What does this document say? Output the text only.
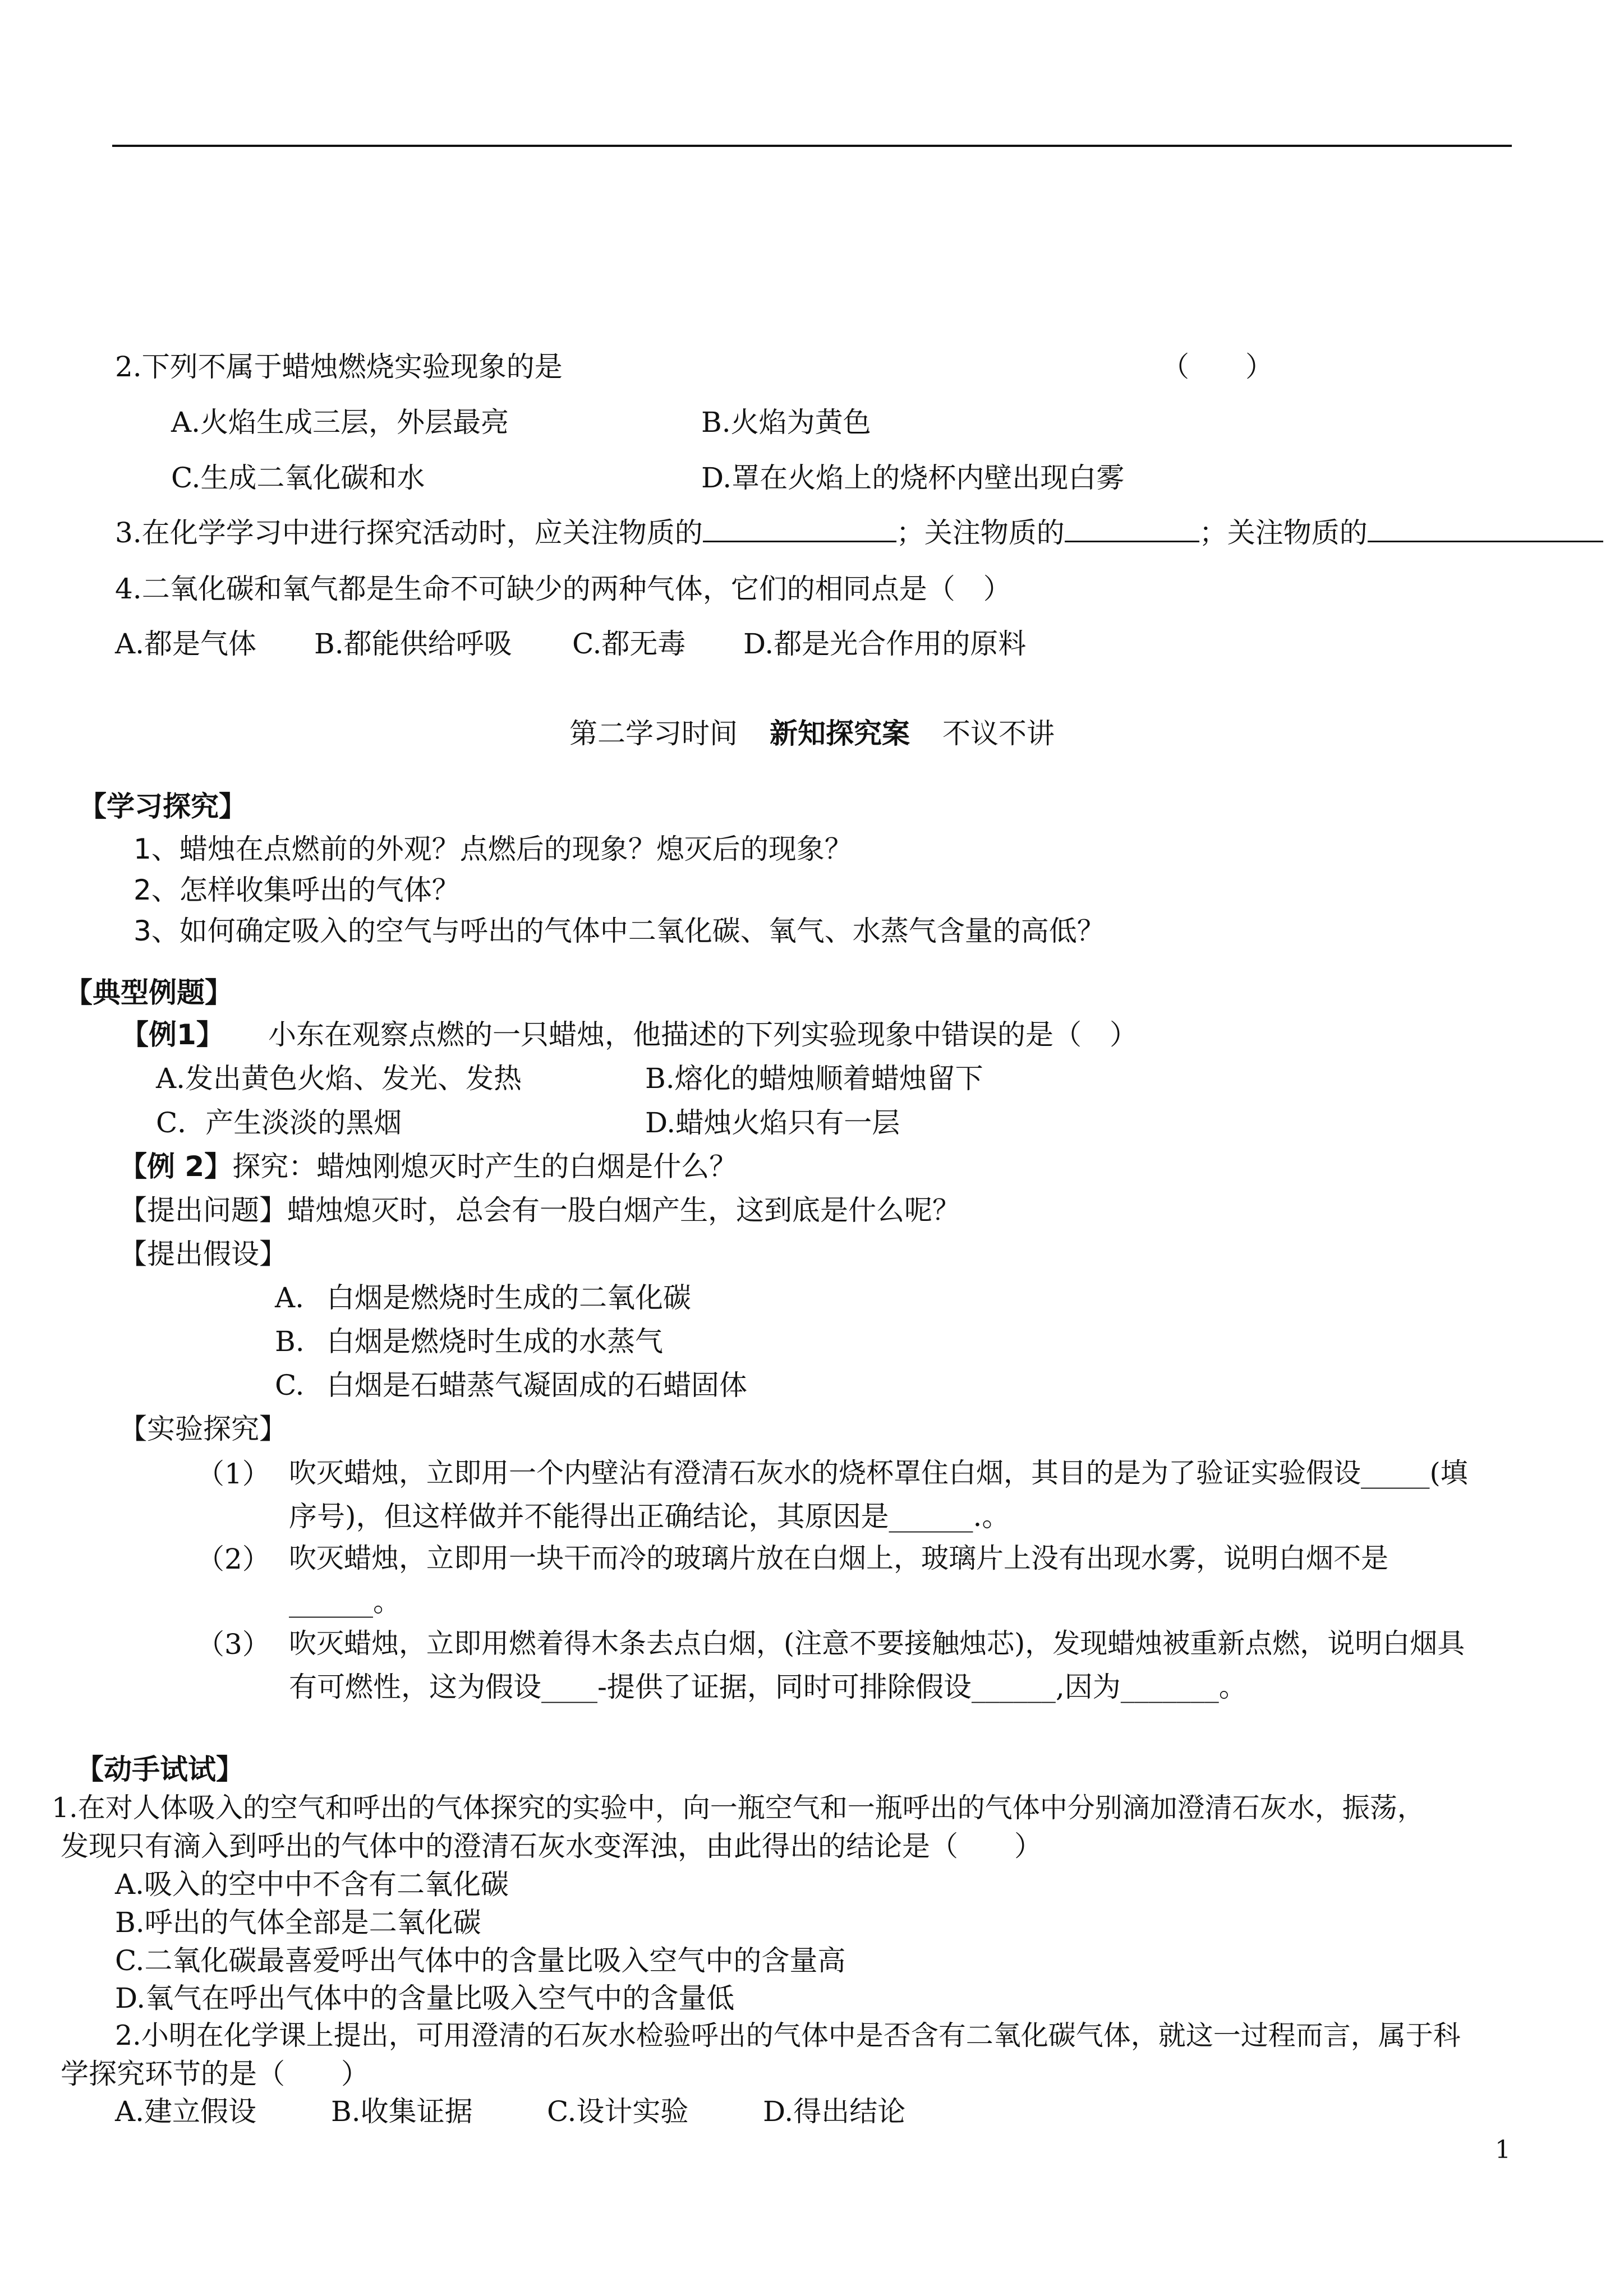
2.下列不属于蜡烛燃烧实验现象的是	（　　）
A.火焰生成三层，外层最亮	B.火焰为黄色
C.生成二氧化碳和水	D.罩在火焰上的烧杯内壁出现白雾
3.在化学学习中进行探究活动时，应关注物质的	；关注物质的	；关注物质的
4.二氧化碳和氧气都是生命不可缺少的两种气体，它们的相同点是（　）
A.都是气体 B.都能供给呼吸 C.都无毒 D.都是光合作用的原料
第二学习时间 新知探究案 不议不讲
【学习探究】
1、蜡烛在点燃前的外观？点燃后的现象？熄灭后的现象？
2、怎样收集呼出的气体？
3、如何确定吸入的空气与呼出的气体中二氧化碳、氧气、水蒸气含量的高低？
【典型例题】
【例1】 小东在观察点燃的一只蜡烛，他描述的下列实验现象中错误的是（　）
A.发出黄色火焰、发光、发热	B.熔化的蜡烛顺着蜡烛留下
C．产生淡淡的黑烟	D.蜡烛火焰只有一层
【例 2】探究：蜡烛刚熄灭时产生的白烟是什么？
【提出问题】蜡烛熄灭时，总会有一股白烟产生，这到底是什么呢？
【提出假设】
A. 白烟是燃烧时生成的二氧化碳
B. 白烟是燃烧时生成的水蒸气
C. 白烟是石蜡蒸气凝固成的石蜡固体
【实验探究】
（1） 吹灭蜡烛，立即用一个内壁沾有澄清石灰水的烧杯罩住白烟，其目的是为了验证实验假设_____(填
序号)，但这样做并不能得出正确结论，其原因是______.。
（2） 吹灭蜡烛，立即用一块干而冷的玻璃片放在白烟上，玻璃片上没有出现水雾，说明白烟不是
______。
（3） 吹灭蜡烛，立即用燃着得木条去点白烟，(注意不要接触烛芯)，发现蜡烛被重新点燃，说明白烟具
有可燃性，这为假设____-提供了证据，同时可排除假设______,因为_______。
【动手试试】
1.在对人体吸入的空气和呼出的气体探究的实验中，向一瓶空气和一瓶呼出的气体中分别滴加澄清石灰水，振荡，
发现只有滴入到呼出的气体中的澄清石灰水变浑浊，由此得出的结论是（　　）
A.吸入的空中中不含有二氧化碳
B.呼出的气体全部是二氧化碳
C.二氧化碳最喜爱呼出气体中的含量比吸入空气中的含量高
D.氧气在呼出气体中的含量比吸入空气中的含量低
2.小明在化学课上提出，可用澄清的石灰水检验呼出的气体中是否含有二氧化碳气体，就这一过程而言，属于科
学探究环节的是（　　）
A.建立假设	B.收集证据	C.设计实验	D.得出结论
1
